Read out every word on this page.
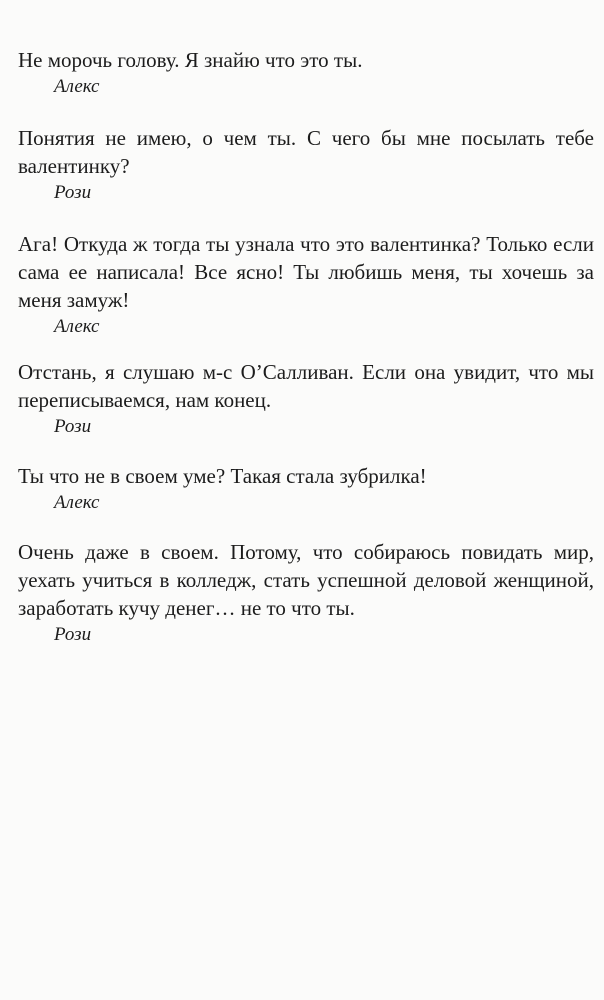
Не морочь голову. Я знайю что это ты.

Алекс

Понятия не имею, о чем ты. С чего бы мне посылать тебе валентинку?

Рози

Ага! Откуда ж тогда ты узнала что это валентинка? Только если сама ее написала! Все ясно! Ты любишь меня, ты хочешь за меня замуж!

Алекс

Отстань, я слушаю м-с О’Салливан. Если она увидит, что мы переписываемся, нам конец.

Рози

Ты что не в своем уме? Такая стала зубрилка!

Алекс

Очень даже в своем. Потому, что собираюсь повидать мир, уехать учиться в колледж, стать успешной деловой женщиной, заработать кучу денег… не то что ты.

Рози
